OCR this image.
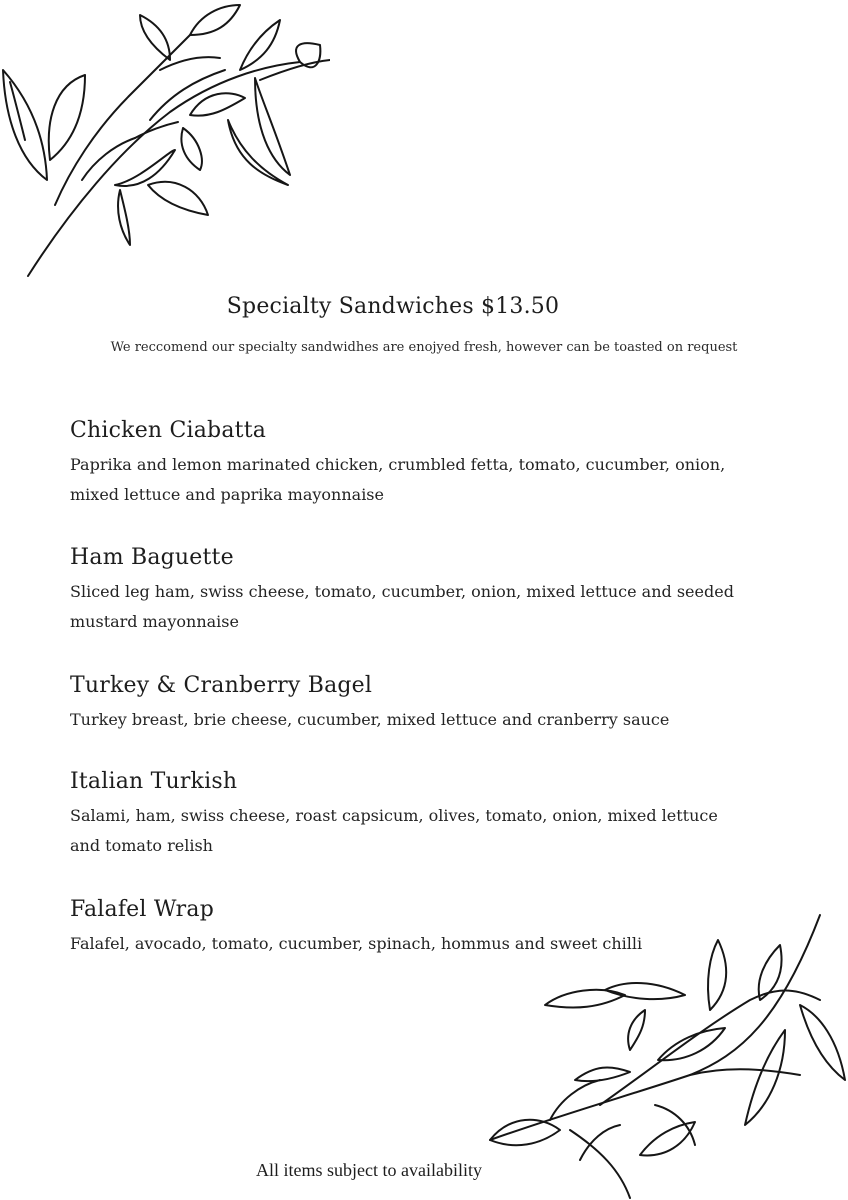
Specialty Sandwiches $13.50

We reccomend our specialty sandwidhes are enojyed fresh, however can be toasted on request

Chicken Ciabatta

Paprika and lemon marinated chicken, crumbled fetta, tomato, cucumber, onion,
mixed lettuce and paprika mayonnaise

Ham Baguette

Sliced leg ham, swiss cheese, tomato, cucumber, onion, mixed lettuce and seeded
mustard mayonnaise

Turkey & Cranberry Bagel

Turkey breast, brie cheese, cucumber, mixed lettuce and cranberry sauce

Italian Turkish

Salami, ham, swiss cheese, roast capsicum, olives, tomato, onion, mixed lettuce
and tomato relish

Falafel Wrap

Falafel, avocado, tomato, cucumber, spinach, hommus and sweet chilli

All items subject to availability
